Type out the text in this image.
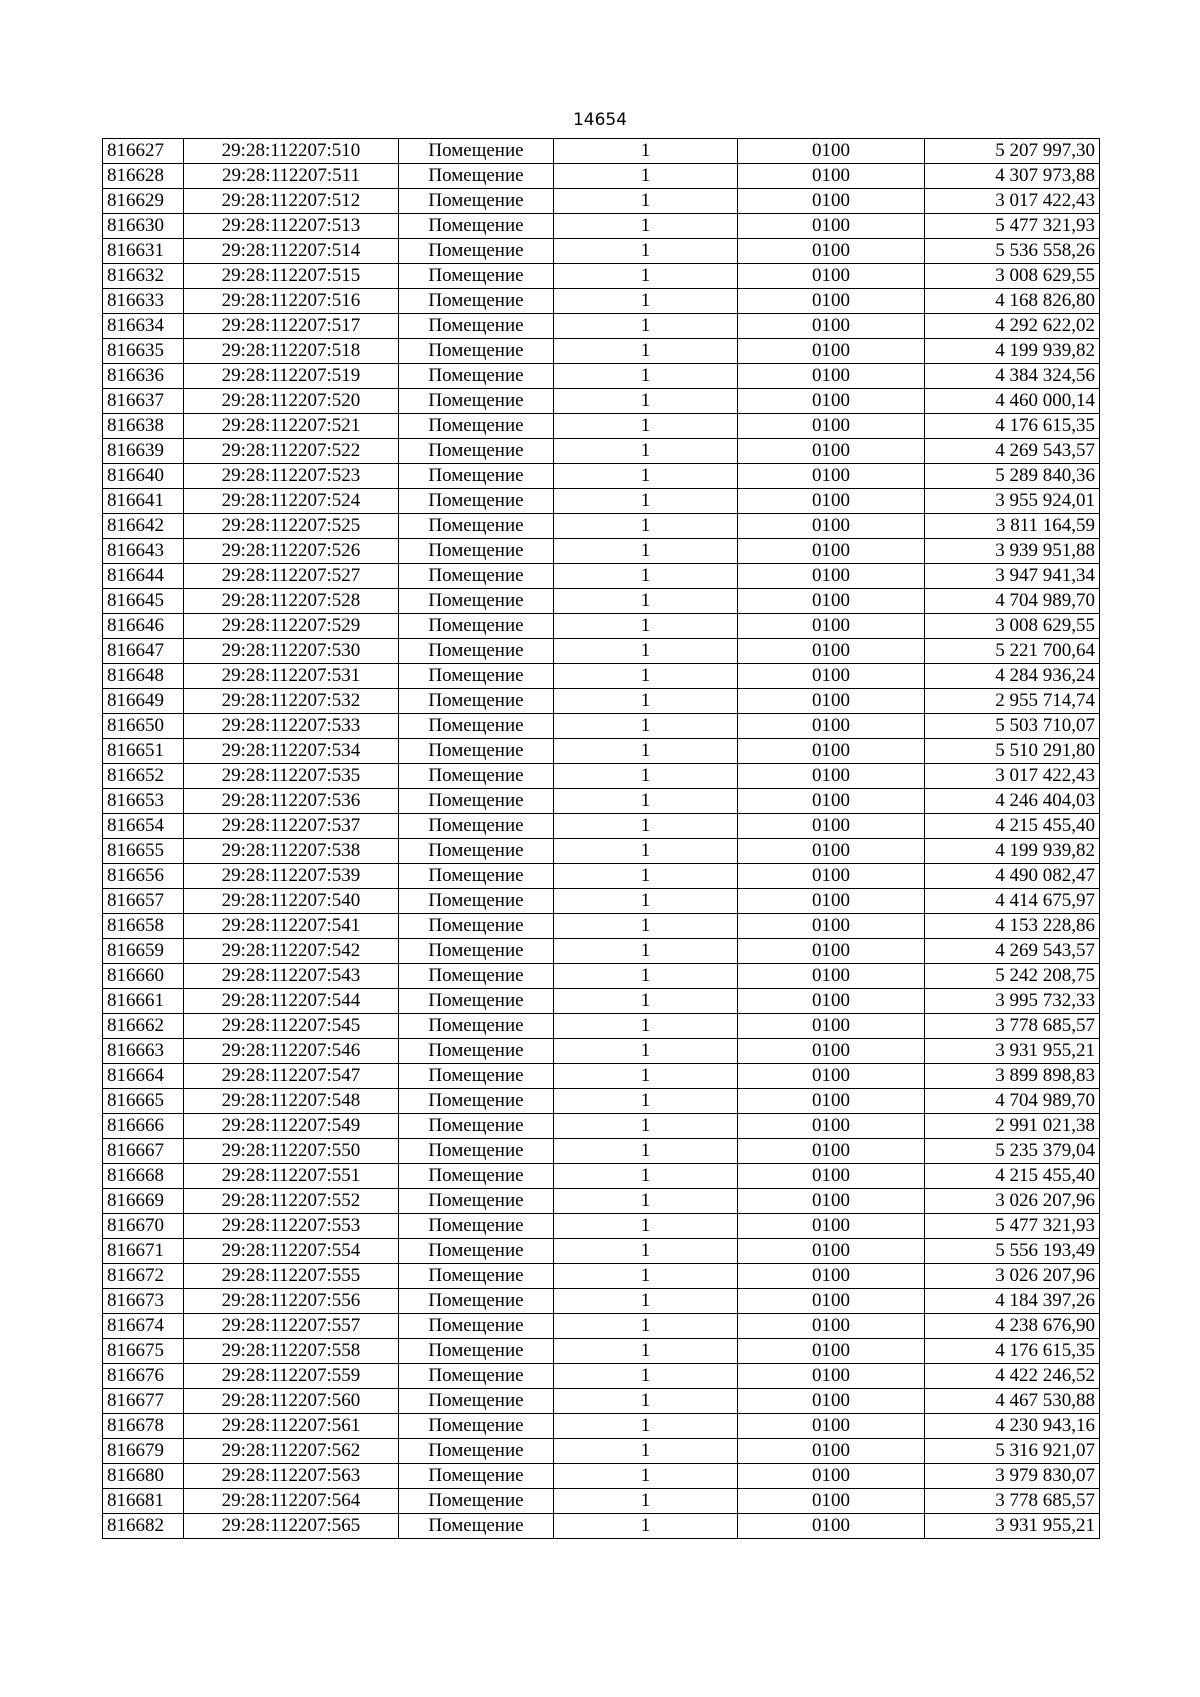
14654
816627	29:28:112207:510	Помещение	1	0100	5 207 997,30
816628	29:28:112207:511	Помещение	1	0100	4 307 973,88
816629	29:28:112207:512	Помещение	1	0100	3 017 422,43
816630	29:28:112207:513	Помещение	1	0100	5 477 321,93
816631	29:28:112207:514	Помещение	1	0100	5 536 558,26
816632	29:28:112207:515	Помещение	1	0100	3 008 629,55
816633	29:28:112207:516	Помещение	1	0100	4 168 826,80
816634	29:28:112207:517	Помещение	1	0100	4 292 622,02
816635	29:28:112207:518	Помещение	1	0100	4 199 939,82
816636	29:28:112207:519	Помещение	1	0100	4 384 324,56
816637	29:28:112207:520	Помещение	1	0100	4 460 000,14
816638	29:28:112207:521	Помещение	1	0100	4 176 615,35
816639	29:28:112207:522	Помещение	1	0100	4 269 543,57
816640	29:28:112207:523	Помещение	1	0100	5 289 840,36
816641	29:28:112207:524	Помещение	1	0100	3 955 924,01
816642	29:28:112207:525	Помещение	1	0100	3 811 164,59
816643	29:28:112207:526	Помещение	1	0100	3 939 951,88
816644	29:28:112207:527	Помещение	1	0100	3 947 941,34
816645	29:28:112207:528	Помещение	1	0100	4 704 989,70
816646	29:28:112207:529	Помещение	1	0100	3 008 629,55
816647	29:28:112207:530	Помещение	1	0100	5 221 700,64
816648	29:28:112207:531	Помещение	1	0100	4 284 936,24
816649	29:28:112207:532	Помещение	1	0100	2 955 714,74
816650	29:28:112207:533	Помещение	1	0100	5 503 710,07
816651	29:28:112207:534	Помещение	1	0100	5 510 291,80
816652	29:28:112207:535	Помещение	1	0100	3 017 422,43
816653	29:28:112207:536	Помещение	1	0100	4 246 404,03
816654	29:28:112207:537	Помещение	1	0100	4 215 455,40
816655	29:28:112207:538	Помещение	1	0100	4 199 939,82
816656	29:28:112207:539	Помещение	1	0100	4 490 082,47
816657	29:28:112207:540	Помещение	1	0100	4 414 675,97
816658	29:28:112207:541	Помещение	1	0100	4 153 228,86
816659	29:28:112207:542	Помещение	1	0100	4 269 543,57
816660	29:28:112207:543	Помещение	1	0100	5 242 208,75
816661	29:28:112207:544	Помещение	1	0100	3 995 732,33
816662	29:28:112207:545	Помещение	1	0100	3 778 685,57
816663	29:28:112207:546	Помещение	1	0100	3 931 955,21
816664	29:28:112207:547	Помещение	1	0100	3 899 898,83
816665	29:28:112207:548	Помещение	1	0100	4 704 989,70
816666	29:28:112207:549	Помещение	1	0100	2 991 021,38
816667	29:28:112207:550	Помещение	1	0100	5 235 379,04
816668	29:28:112207:551	Помещение	1	0100	4 215 455,40
816669	29:28:112207:552	Помещение	1	0100	3 026 207,96
816670	29:28:112207:553	Помещение	1	0100	5 477 321,93
816671	29:28:112207:554	Помещение	1	0100	5 556 193,49
816672	29:28:112207:555	Помещение	1	0100	3 026 207,96
816673	29:28:112207:556	Помещение	1	0100	4 184 397,26
816674	29:28:112207:557	Помещение	1	0100	4 238 676,90
816675	29:28:112207:558	Помещение	1	0100	4 176 615,35
816676	29:28:112207:559	Помещение	1	0100	4 422 246,52
816677	29:28:112207:560	Помещение	1	0100	4 467 530,88
816678	29:28:112207:561	Помещение	1	0100	4 230 943,16
816679	29:28:112207:562	Помещение	1	0100	5 316 921,07
816680	29:28:112207:563	Помещение	1	0100	3 979 830,07
816681	29:28:112207:564	Помещение	1	0100	3 778 685,57
816682	29:28:112207:565	Помещение	1	0100	3 931 955,21
